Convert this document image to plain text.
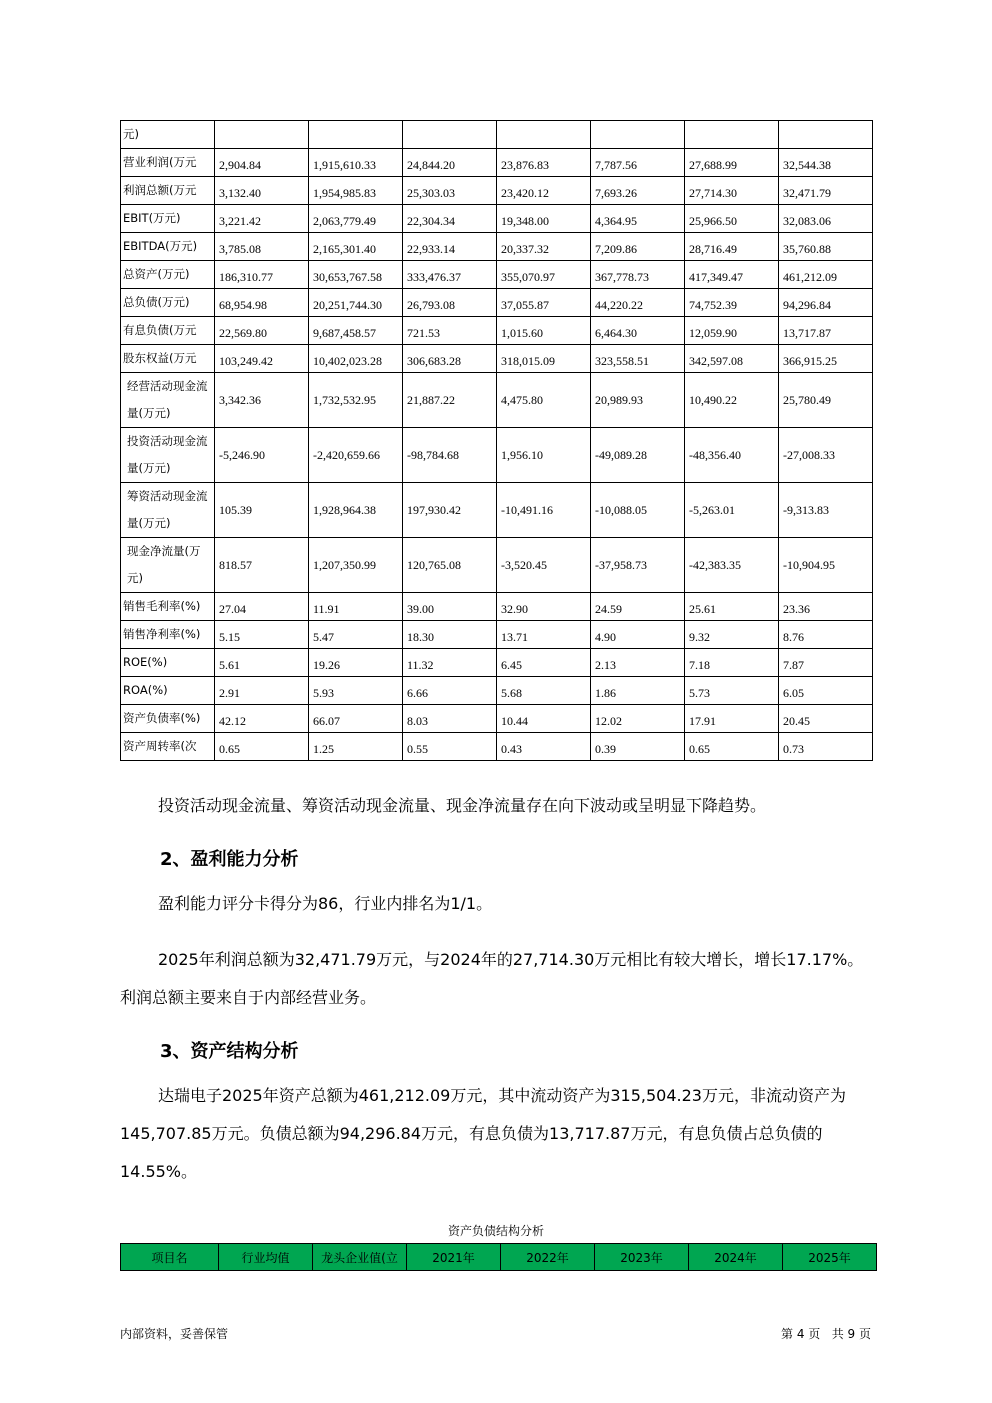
元)							
营业利润(万元	2,904.84	1,915,610.33	24,844.20	23,876.83	7,787.56	27,688.99	32,544.38
利润总额(万元	3,132.40	1,954,985.83	25,303.03	23,420.12	7,693.26	27,714.30	32,471.79
EBIT(万元)	3,221.42	2,063,779.49	22,304.34	19,348.00	4,364.95	25,966.50	32,083.06
EBITDA(万元)	3,785.08	2,165,301.40	22,933.14	20,337.32	7,209.86	28,716.49	35,760.88
总资产(万元)	186,310.77	30,653,767.58	333,476.37	355,070.97	367,778.73	417,349.47	461,212.09
总负债(万元)	68,954.98	20,251,744.30	26,793.08	37,055.87	44,220.22	74,752.39	94,296.84
有息负债(万元	22,569.80	9,687,458.57	721.53	1,015.60	6,464.30	12,059.90	13,717.87
股东权益(万元	103,249.42	10,402,023.28	306,683.28	318,015.09	323,558.51	342,597.08	366,915.25
经营活动现金流量(万元)	3,342.36	1,732,532.95	21,887.22	4,475.80	20,989.93	10,490.22	25,780.49
投资活动现金流量(万元)	-5,246.90	-2,420,659.66	-98,784.68	1,956.10	-49,089.28	-48,356.40	-27,008.33
筹资活动现金流量(万元)	105.39	1,928,964.38	197,930.42	-10,491.16	-10,088.05	-5,263.01	-9,313.83
现金净流量(万元)	818.57	1,207,350.99	120,765.08	-3,520.45	-37,958.73	-42,383.35	-10,904.95
销售毛利率(%)	27.04	11.91	39.00	32.90	24.59	25.61	23.36
销售净利率(%)	5.15	5.47	18.30	13.71	4.90	9.32	8.76
ROE(%)	5.61	19.26	11.32	6.45	2.13	7.18	7.87
ROA(%)	2.91	5.93	6.66	5.68	1.86	5.73	6.05
资产负债率(%)	42.12	66.07	8.03	10.44	12.02	17.91	20.45
资产周转率(次	0.65	1.25	0.55	0.43	0.39	0.65	0.73

投资活动现金流量、筹资活动现金流量、现金净流量存在向下波动或呈明显下降趋势。

2、盈利能力分析

盈利能力评分卡得分为86，行业内排名为1/1。

2025年利润总额为32,471.79万元，与2024年的27,714.30万元相比有较大增长，增长17.17%。利润总额主要来自于内部经营业务。

3、资产结构分析

达瑞电子2025年资产总额为461,212.09万元，其中流动资产为315,504.23万元，非流动资产为145,707.85万元。负债总额为94,296.84万元，有息负债为13,717.87万元，有息负债占总负债的14.55%。

资产负债结构分析
项目名	行业均值	龙头企业值(立	2021年	2022年	2023年	2024年	2025年
内部资料，妥善保管	第 4 页   共 9 页
